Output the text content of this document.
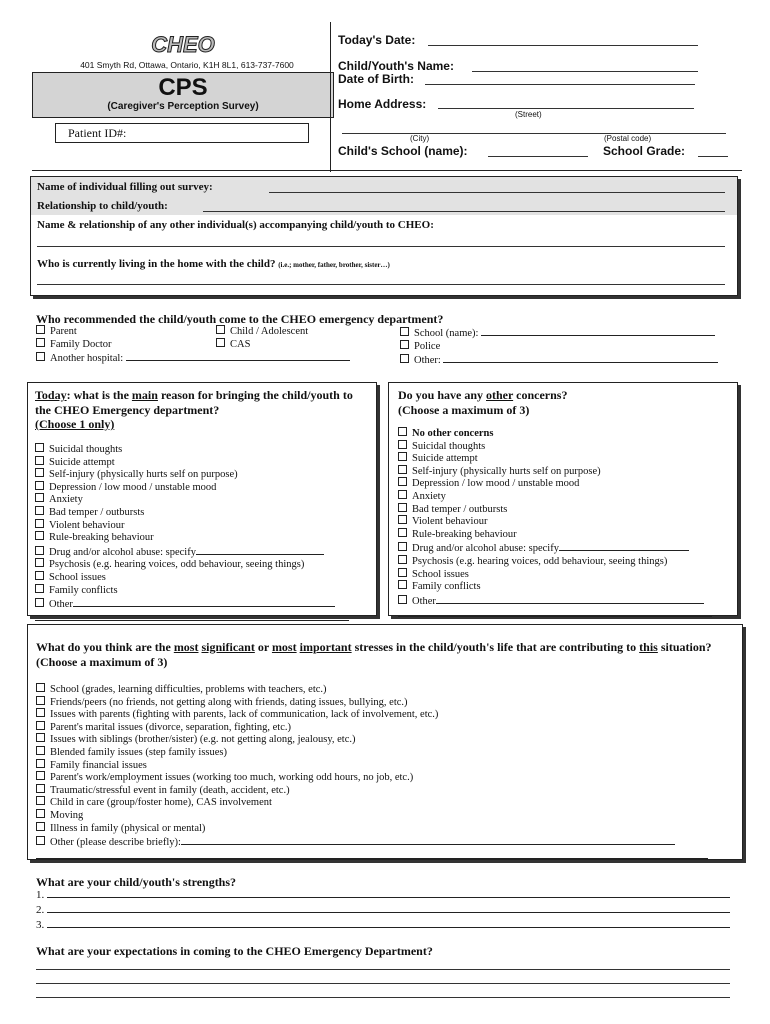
CHEO
401 Smyth Rd, Ottawa, Ontario, K1H 8L1, 613-737-7600
CPS
(Caregiver's Perception Survey)
Patient ID#:
Today's Date:
Child/Youth's Name:
Date of Birth:
Home Address:
(Street)
(City)	(Postal code)
Child's School (name):	School Grade:
Name of individual filling out survey:
Relationship to child/youth:
Name & relationship of any other individual(s) accompanying child/youth to CHEO:
Who is currently living in the home with the child? (i.e.; mother, father, brother, sister…)
Who recommended the child/youth come to the CHEO emergency department?
Parent
Family Doctor
Another hospital:
Child / Adolescent
CAS
School (name):
Police
Other:
Today: what is the main reason for bringing the child/youth to the CHEO Emergency department?
(Choose 1 only)
Suicidal thoughts
Suicide attempt
Self-injury (physically hurts self on purpose)
Depression / low mood / unstable mood
Anxiety
Bad temper / outbursts
Violent behaviour
Rule-breaking behaviour
Drug and/or alcohol abuse: specify
Psychosis (e.g. hearing voices, odd behaviour, seeing things)
School issues
Family conflicts
Other
Do you have any other concerns?
(Choose a maximum of 3)
No other concerns
Suicidal thoughts
Suicide attempt
Self-injury (physically hurts self on purpose)
Depression / low mood / unstable mood
Anxiety
Bad temper / outbursts
Violent behaviour
Rule-breaking behaviour
Drug and/or alcohol abuse: specify
Psychosis (e.g. hearing voices, odd behaviour, seeing things)
School issues
Family conflicts
Other
What do you think are the most significant or most important stresses in the child/youth's life that are contributing to this situation? (Choose a maximum of 3)
School (grades, learning difficulties, problems with teachers, etc.)
Friends/peers (no friends, not getting along with friends, dating issues, bullying, etc.)
Issues with parents (fighting with parents, lack of communication, lack of involvement, etc.)
Parent's marital issues (divorce, separation, fighting, etc.)
Issues with siblings (brother/sister) (e.g. not getting along, jealousy, etc.)
Blended family issues (step family issues)
Family financial issues
Parent's work/employment issues (working too much, working odd hours, no job, etc.)
Traumatic/stressful event in family (death, accident, etc.)
Child in care (group/foster home), CAS involvement
Moving
Illness in family (physical or mental)
Other (please describe briefly):
What are your child/youth's strengths?
1.
2.
3.
What are your expectations in coming to the CHEO Emergency Department?
